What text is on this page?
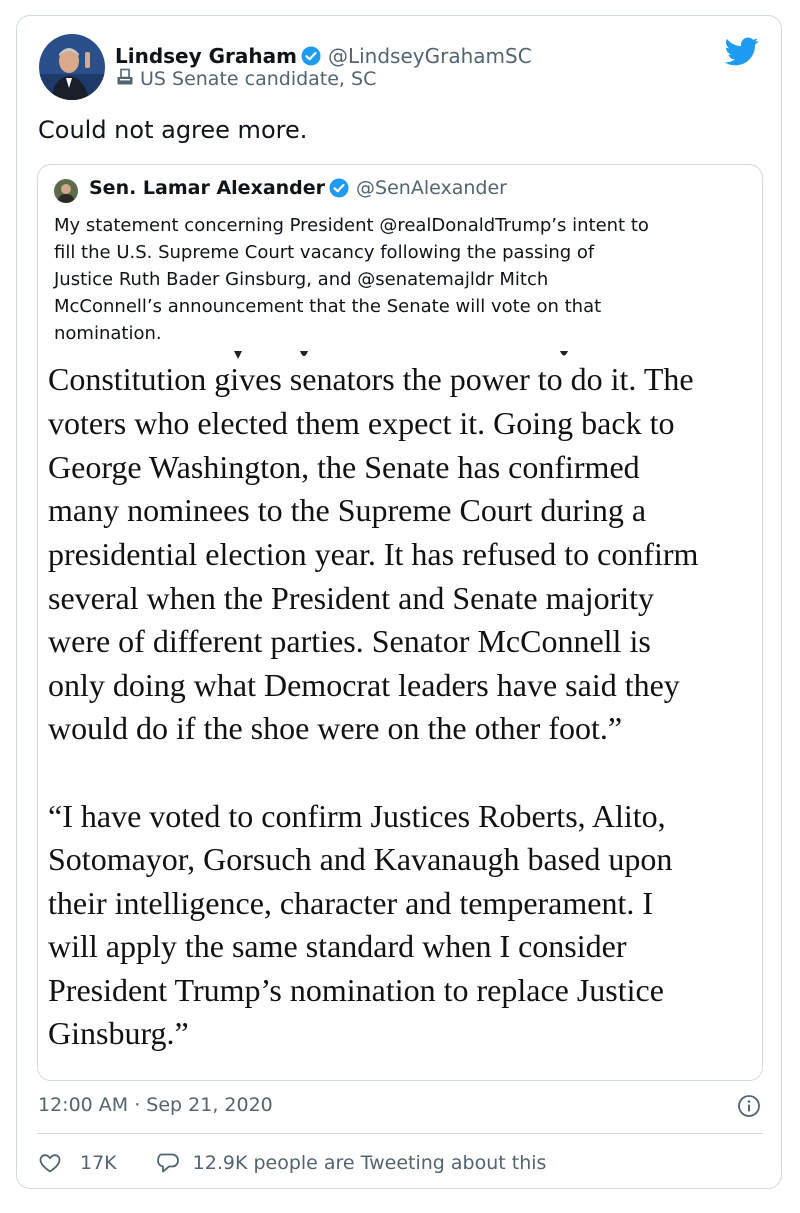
Lindsey Graham @LindseyGrahamSC
US Senate candidate, SC
Could not agree more.
Sen. Lamar Alexander @SenAlexander
My statement concerning President @realDonaldTrump’s intent to
fill the U.S. Supreme Court vacancy following the passing of
Justice Ruth Bader Ginsburg, and @senatemajldr Mitch
McConnell’s announcement that the Senate will vote on that
nomination.
Constitution gives senators the power to do it. The
voters who elected them expect it. Going back to
George Washington, the Senate has confirmed
many nominees to the Supreme Court during a
presidential election year. It has refused to confirm
several when the President and Senate majority
were of different parties. Senator McConnell is
only doing what Democrat leaders have said they
would do if the shoe were on the other foot.”
“I have voted to confirm Justices Roberts, Alito,
Sotomayor, Gorsuch and Kavanaugh based upon
their intelligence, character and temperament. I
will apply the same standard when I consider
President Trump’s nomination to replace Justice
Ginsburg.”
12:00 AM · Sep 21, 2020
17K	12.9K people are Tweeting about this
